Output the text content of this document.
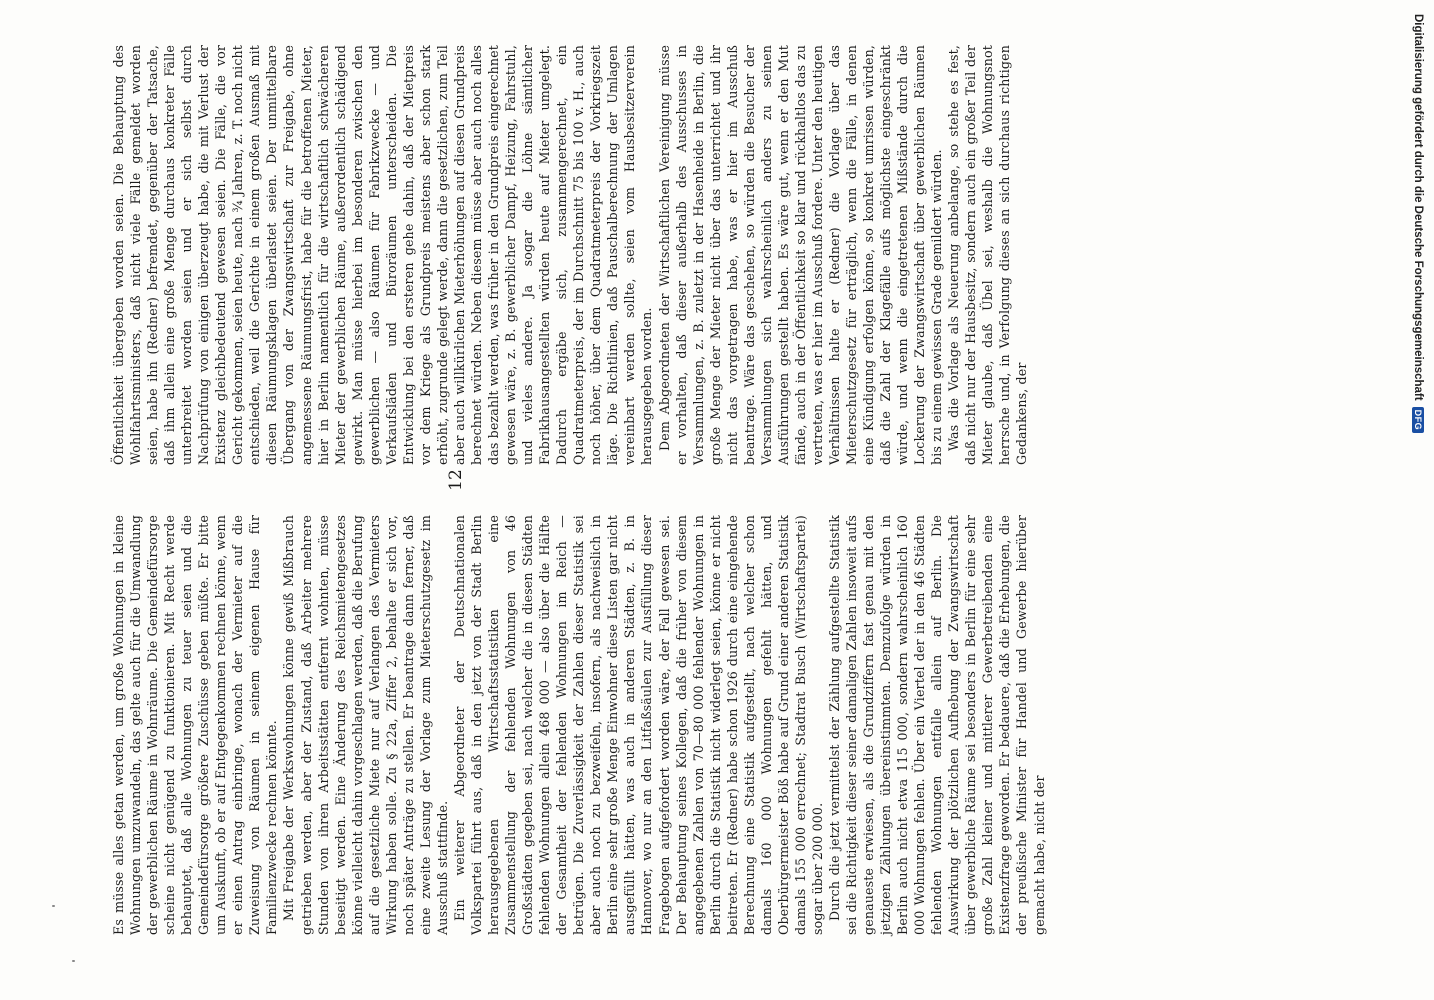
Es müsse alles getan werden, um große Wohnungen in kleine Wohnungen umzuwandeln, das gelte auch für die Umwandlung der gewerblichen Räume in Wohnräume. Die Gemeindefürsorge scheine nicht genügend zu funktionieren. Mit Recht werde behauptet, daß alle Wohnungen zu teuer seien und die Gemeindefürsorge größere Zuschüsse geben müßte. Er bitte um Auskunft, ob er auf Entgegenkommen rechnen könne, wenn er einen Antrag einbringe, wonach der Vermieter auf die Zuweisung von Räumen in seinem eigenen Hause für Familienzwecke rechnen könnte. Mit Freigabe der Werkswohnungen könne gewiß Mißbrauch getrieben werden, aber der Zustand, daß Arbeiter mehrere Stunden von ihren Arbeitsstätten entfernt wohnten, müsse beseitigt werden. Eine Änderung des Reichsmietengesetzes könne vielleicht dahin vorgeschlagen werden, daß die Berufung auf die gesetzliche Miete nur auf Verlangen des Vermieters Wirkung haben solle. Zu § 22a, Ziffer 2, behalte er sich vor, noch später Anträge zu stellen. Er beantrage dann ferner, daß eine zweite Lesung der Vorlage zum Mieterschutzgesetz im Ausschuß stattfinde. Ein weiterer Abgeordneter der Deutschnationalen Volkspartei führt aus, daß in den jetzt von der Stadt Berlin herausgegebenen Wirtschaftsstatistiken eine Zusammenstellung der fehlenden Wohnungen von 46 Großstädten gegeben sei, nach welcher die in diesen Städten fehlenden Wohnungen allein 468 000 — also über die Hälfte der Gesamtheit der fehlenden Wohnungen im Reich — betrügen. Die Zuverlässigkeit der Zahlen dieser Statistik sei aber auch noch zu bezweifeln, insofern, als nachweislich in Berlin eine sehr große Menge Einwohner diese Listen gar nicht ausgefüllt hätten, was auch in anderen Städten, z. B. in Hannover, wo nur an den Litfaßsäulen zur Ausfüllung dieser Fragebogen aufgefordert worden wäre, der Fall gewesen sei. Der Behauptung seines Kollegen, daß die früher von diesem angegebenen Zahlen von 70—80 000 fehlender Wohnungen in Berlin durch die Statistik nicht widerlegt seien, könne er nicht beitreten. Er (Redner) habe schon 1926 durch eine eingehende Berechnung eine Statistik aufgestellt, nach welcher schon damals 160 000 Wohnungen gefehlt hätten, und Oberbürgermeister Böß habe auf Grund einer anderen Statistik damals 155 000 errechnet; Stadtrat Busch (Wirtschaftspartei) sogar über 200 000. Durch die jetzt vermittelst der Zählung aufgestellte Statistik sei die Richtigkeit dieser seiner damaligen Zahlen insoweit aufs genaueste erwiesen, als die Grundziffern fast genau mit den jetzigen Zählungen übereinstimmten. Demzufolge würden in Berlin auch nicht etwa 115 000, sondern wahrscheinlich 160 000 Wohnungen fehlen. Über ein Viertel der in den 46 Städten fehlenden Wohnungen entfalle allein auf Berlin. Die Auswirkung der plötzlichen Aufhebung der Zwangswirtschaft über gewerbliche Räume sei besonders in Berlin für eine sehr große Zahl kleiner und mittlerer Gewerbetreibenden eine Existenzfrage geworden. Er bedauere, daß die Erhebungen, die der preußische Minister für Handel und Gewerbe hierüber gemacht habe, nicht der

Öffentlichkeit übergeben worden seien. Die Behauptung des Wohlfahrtsministers, daß nicht viele Fälle gemeldet worden seien, habe ihn (Redner) befremdet, gegenüber der Tatsache, daß ihm allein eine große Menge durchaus konkreter Fälle unterbreitet worden seien und er sich selbst durch Nachprüfung von einigen überzeugt habe, die mit Verlust der Existenz gleichbedeutend gewesen seien. Die Fälle, die vor Gericht gekommen, seien heute, nach ¾ Jahren, z. T. noch nicht entschieden, weil die Gerichte in einem großen Ausmaß mit diesen Räumungsklagen überlastet seien. Der unmittelbare Übergang von der Zwangswirtschaft zur Freigabe, ohne angemessene Räumungsfrist, habe für die betroffenen Mieter, hier in Berlin namentlich für die wirtschaftlich schwächeren Mieter der gewerblichen Räume, außerordentlich schädigend gewirkt. Man müsse hierbei im besonderen zwischen den gewerblichen — also Räumen für Fabrikzwecke — und Verkaufsläden und Büroräumen unterscheiden. Die Entwicklung bei den ersteren gehe dahin, daß der Mietpreis vor dem Kriege als Grundpreis meistens aber schon stark erhöht, zugrunde gelegt werde, dann die gesetzlichen, zum Teil aber auch willkürlichen Mieterhöhungen auf diesen Grundpreis berechnet würden. Neben diesem müsse aber auch noch alles das bezahlt werden, was früher in den Grundpreis eingerechnet gewesen wäre, z. B. gewerblicher Dampf, Heizung, Fahrstuhl, und vieles andere. Ja sogar die Löhne sämtlicher Fabrikhausangestellten würden heute auf Mieter umgelegt. Dadurch ergäbe sich, zusammengerechnet, ein Quadratmeterpreis, der im Durchschnitt 75 bis 100 v. H., auch noch höher, über dem Quadratmeterpreis der Vorkriegszeit läge. Die Richtlinien, daß Pauschalberechnung der Umlagen vereinbart werden sollte, seien vom Hausbesitzerverein herausgegeben worden. Dem Abgeordneten der Wirtschaftlichen Vereinigung müsse er vorhalten, daß dieser außerhalb des Ausschusses in Versammlungen, z. B. zuletzt in der Hasenheide in Berlin, die große Menge der Mieter nicht über das unterrichtet und ihr nicht das vorgetragen habe, was er hier im Ausschuß beantrage. Wäre das geschehen, so würden die Besucher der Versammlungen sich wahrscheinlich anders zu seinen Ausführungen gestellt haben. Es wäre gut, wenn er den Mut fände, auch in der Öffentlichkeit so klar und rückhaltlos das zu vertreten, was er hier im Ausschuß fordere. Unter den heutigen Verhältnissen halte er (Redner) die Vorlage über das Mieterschutzgesetz für erträglich, wenn die Fälle, in denen eine Kündigung erfolgen könne, so konkret umrissen würden, daß die Zahl der Klagefälle aufs möglichste eingeschränkt würde, und wenn die eingetretenen Mißstände durch die Lockerung der Zwangswirtschaft über gewerblichen Räumen bis zu einem gewissen Grade gemildert würden. Was die Vorlage als Neuerung anbelange, so stehe es fest, daß nicht nur der Hausbesitz, sondern auch ein großer Teil der Mieter glaube, daß Übel sei, weshalb die Wohnungsnot herrsche und, in Verfolgung dieses an sich durchaus richtigen Gedankens, der

12
Digitalisierung gefördert durch die Deutsche Forschungsgemeinschaft
DFG
